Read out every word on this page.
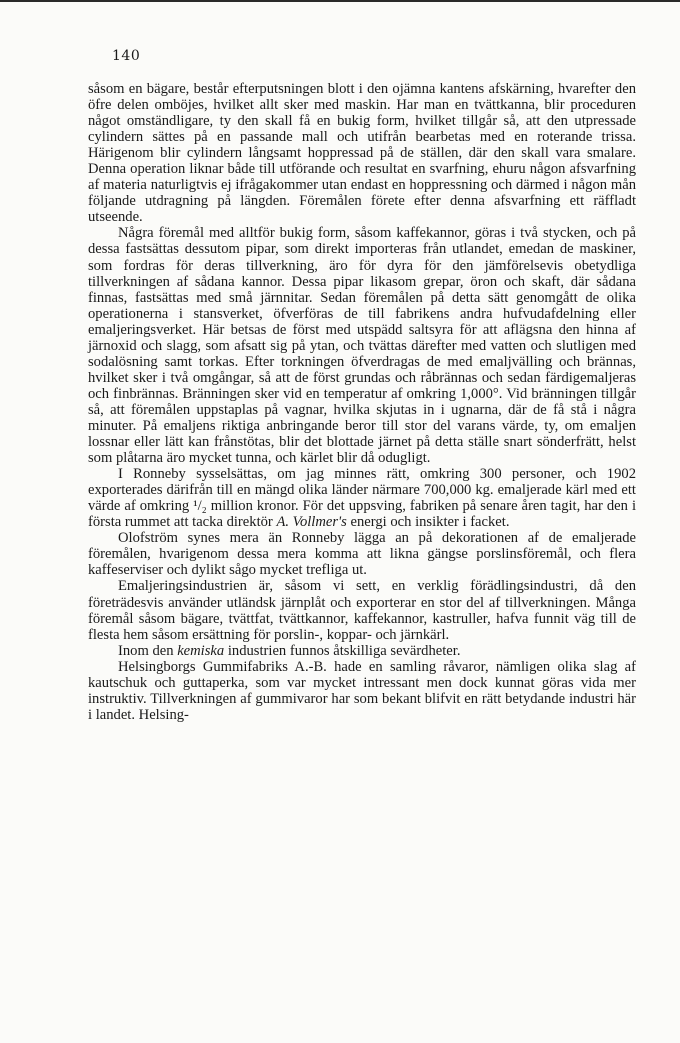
140

såsom en bägare, består efterputsningen blott i den ojämna kantens afskärning, hvarefter den öfre delen omböjes, hvilket allt sker med maskin. Har man en tvättkanna, blir proceduren något omständligare, ty den skall få en bukig form, hvilket tillgår så, att den utpressade cylindern sättes på en passande mall och utifrån bearbetas med en roterande trissa. Härigenom blir cylindern långsamt hoppressad på de ställen, där den skall vara smalare. Denna operation liknar både till utförande och resultat en svarfning, ehuru någon afsvarfning af materia naturligtvis ej ifrågakommer utan endast en hoppressning och därmed i någon mån följande utdragning på längden. Föremålen förete efter denna afsvarfning ett räffladt utseende.

Några föremål med alltför bukig form, såsom kaffekannor, göras i två stycken, och på dessa fastsättas dessutom pipar, som direkt importeras från utlandet, emedan de maskiner, som fordras för deras tillverkning, äro för dyra för den jämförelsevis obetydliga tillverkningen af sådana kannor. Dessa pipar likasom grepar, öron och skaft, där sådana finnas, fastsättas med små järnnitar. Sedan föremålen på detta sätt genomgått de olika operationerna i stansverket, öfverföras de till fabrikens andra hufvudafdelning eller emaljeringsverket. Här betsas de först med utspädd saltsyra för att aflägsna den hinna af järnoxid och slagg, som afsatt sig på ytan, och tvättas därefter med vatten och slutligen med sodalösning samt torkas. Efter torkningen öfverdragas de med emaljvälling och brännas, hvilket sker i två omgångar, så att de först grundas och råbrännas och sedan färdigemaljeras och finbrännas. Bränningen sker vid en temperatur af omkring 1,000°. Vid bränningen tillgår så, att föremålen uppstaplas på vagnar, hvilka skjutas in i ugnarna, där de få stå i några minuter. På emaljens riktiga anbringande beror till stor del varans värde, ty, om emaljen lossnar eller lätt kan frånstötas, blir det blottade järnet på detta ställe snart sönderfrätt, helst som plåtarna äro mycket tunna, och kärlet blir då odugligt.

I Ronneby sysselsättas, om jag minnes rätt, omkring 300 personer, och 1902 exporterades därifrån till en mängd olika länder närmare 700,000 kg. emaljerade kärl med ett värde af omkring ¹/₂ million kronor. För det uppsving, fabriken på senare åren tagit, har den i första rummet att tacka direktör A. Vollmer's energi och insikter i facket.

Olofström synes mera än Ronneby lägga an på dekorationen af de emaljerade föremålen, hvarigenom dessa mera komma att likna gängse porslinsföremål, och flera kaffeserviser och dylikt sågo mycket trefliga ut.

Emaljeringsindustrien är, såsom vi sett, en verklig förädlingsindustri, då den företrädesvis använder utländsk järnplåt och exporterar en stor del af tillverkningen. Många föremål såsom bägare, tvättfat, tvättkannor, kaffekannor, kastruller, hafva funnit väg till de flesta hem såsom ersättning för porslin-, koppar- och järnkärl.

Inom den kemiska industrien funnos åtskilliga sevärdheter.

Helsingborgs Gummifabriks A.-B. hade en samling råvaror, nämligen olika slag af kautschuk och guttaperka, som var mycket intressant men dock kunnat göras vida mer instruktiv. Tillverkningen af gummivaror har som bekant blifvit en rätt betydande industri här i landet. Helsing-
